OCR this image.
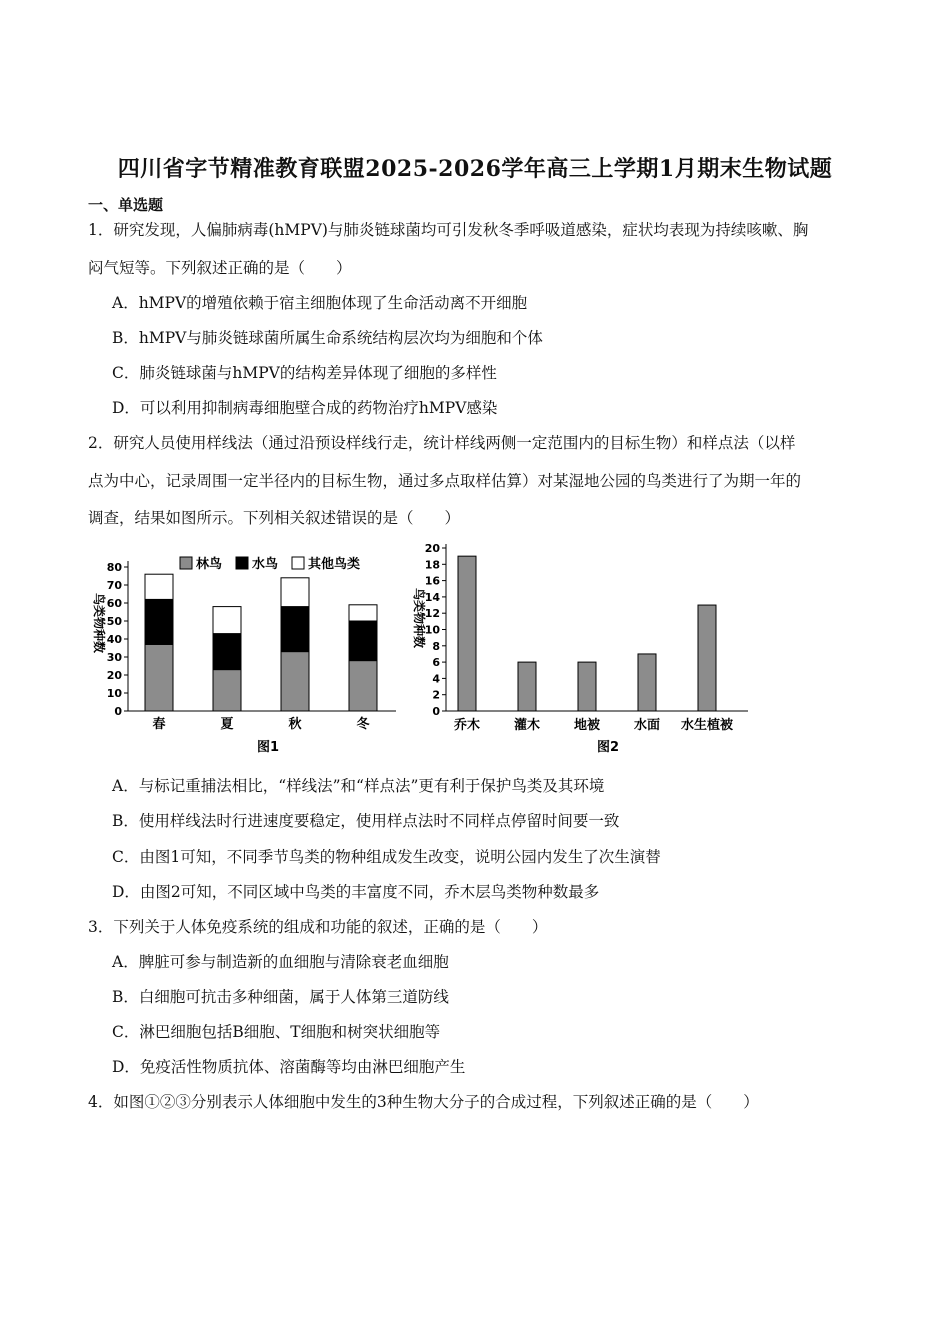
四川省字节精准教育联盟2025-2026学年高三上学期1月期末生物试题
一、单选题
1．研究发现，人偏肺病毒(hMPV)与肺炎链球菌均可引发秋冬季呼吸道感染，症状均表现为持续咳嗽、胸
闷气短等。下列叙述正确的是（　　）
A．hMPV的增殖依赖于宿主细胞体现了生命活动离不开细胞
B．hMPV与肺炎链球菌所属生命系统结构层次均为细胞和个体
C．肺炎链球菌与hMPV的结构差异体现了细胞的多样性
D．可以利用抑制病毒细胞壁合成的药物治疗hMPV感染
2．研究人员使用样线法（通过沿预设样线行走，统计样线两侧一定范围内的目标生物）和样点法（以样
点为中心，记录周围一定半径内的目标生物，通过多点取样估算）对某湿地公园的鸟类进行了为期一年的
调查，结果如图所示。下列相关叙述错误的是（　　）
0
10
20
30
40
50
60
70
80
鸟类物种数
春	夏	秋	冬
林鸟 水鸟 其他鸟类
图1
0
2
4
6
8
10
12
14
16
18
20
鸟类物种数
乔木	灌木	地被	水面 水生植被
图2
A．与标记重捕法相比，“样线法”和“样点法”更有利于保护鸟类及其环境
B．使用样线法时行进速度要稳定，使用样点法时不同样点停留时间要一致
C．由图1可知，不同季节鸟类的物种组成发生改变，说明公园内发生了次生演替
D．由图2可知，不同区域中鸟类的丰富度不同，乔木层鸟类物种数最多
3．下列关于人体免疫系统的组成和功能的叙述，正确的是（　　）
A．脾脏可参与制造新的血细胞与清除衰老血细胞
B．白细胞可抗击多种细菌，属于人体第三道防线
C．淋巴细胞包括B细胞、T细胞和树突状细胞等
D．免疫活性物质抗体、溶菌酶等均由淋巴细胞产生
4．如图①②③分别表示人体细胞中发生的3种生物大分子的合成过程，下列叙述正确的是（　　）
